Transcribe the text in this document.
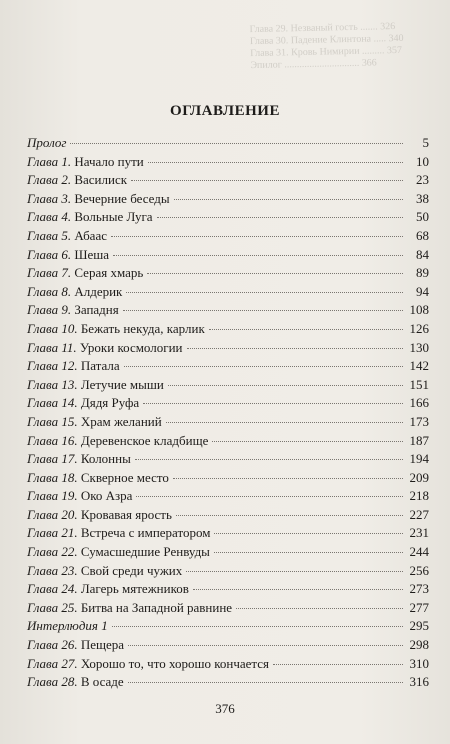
Глава 29. Незваный гость ....... 326
Глава 30. Падение Клинтона ..... 340
Глава 31. Кровь Нимирии ......... 357
Эпилог .............................. 366
ОГЛАВЛЕНИЕ
Пролог	5
Глава 1. Начало пути	10
Глава 2. Василиск	23
Глава 3. Вечерние беседы	38
Глава 4. Вольные Луга	50
Глава 5. Абаас	68
Глава 6. Шеша	84
Глава 7. Серая хмарь	89
Глава 8. Алдерик	94
Глава 9. Западня	108
Глава 10. Бежать некуда, карлик	126
Глава 11. Уроки космологии	130
Глава 12. Патала	142
Глава 13. Летучие мыши	151
Глава 14. Дядя Руфа	166
Глава 15. Храм желаний	173
Глава 16. Деревенское кладбище	187
Глава 17. Колонны	194
Глава 18. Скверное место	209
Глава 19. Око Азра	218
Глава 20. Кровавая ярость	227
Глава 21. Встреча с императором	231
Глава 22. Сумасшедшие Ренвуды	244
Глава 23. Свой среди чужих	256
Глава 24. Лагерь мятежников	273
Глава 25. Битва на Западной равнине	277
Интерлюдия 1	295
Глава 26. Пещера	298
Глава 27. Хорошо то, что хорошо кончается	310
Глава 28. В осаде	316
376
